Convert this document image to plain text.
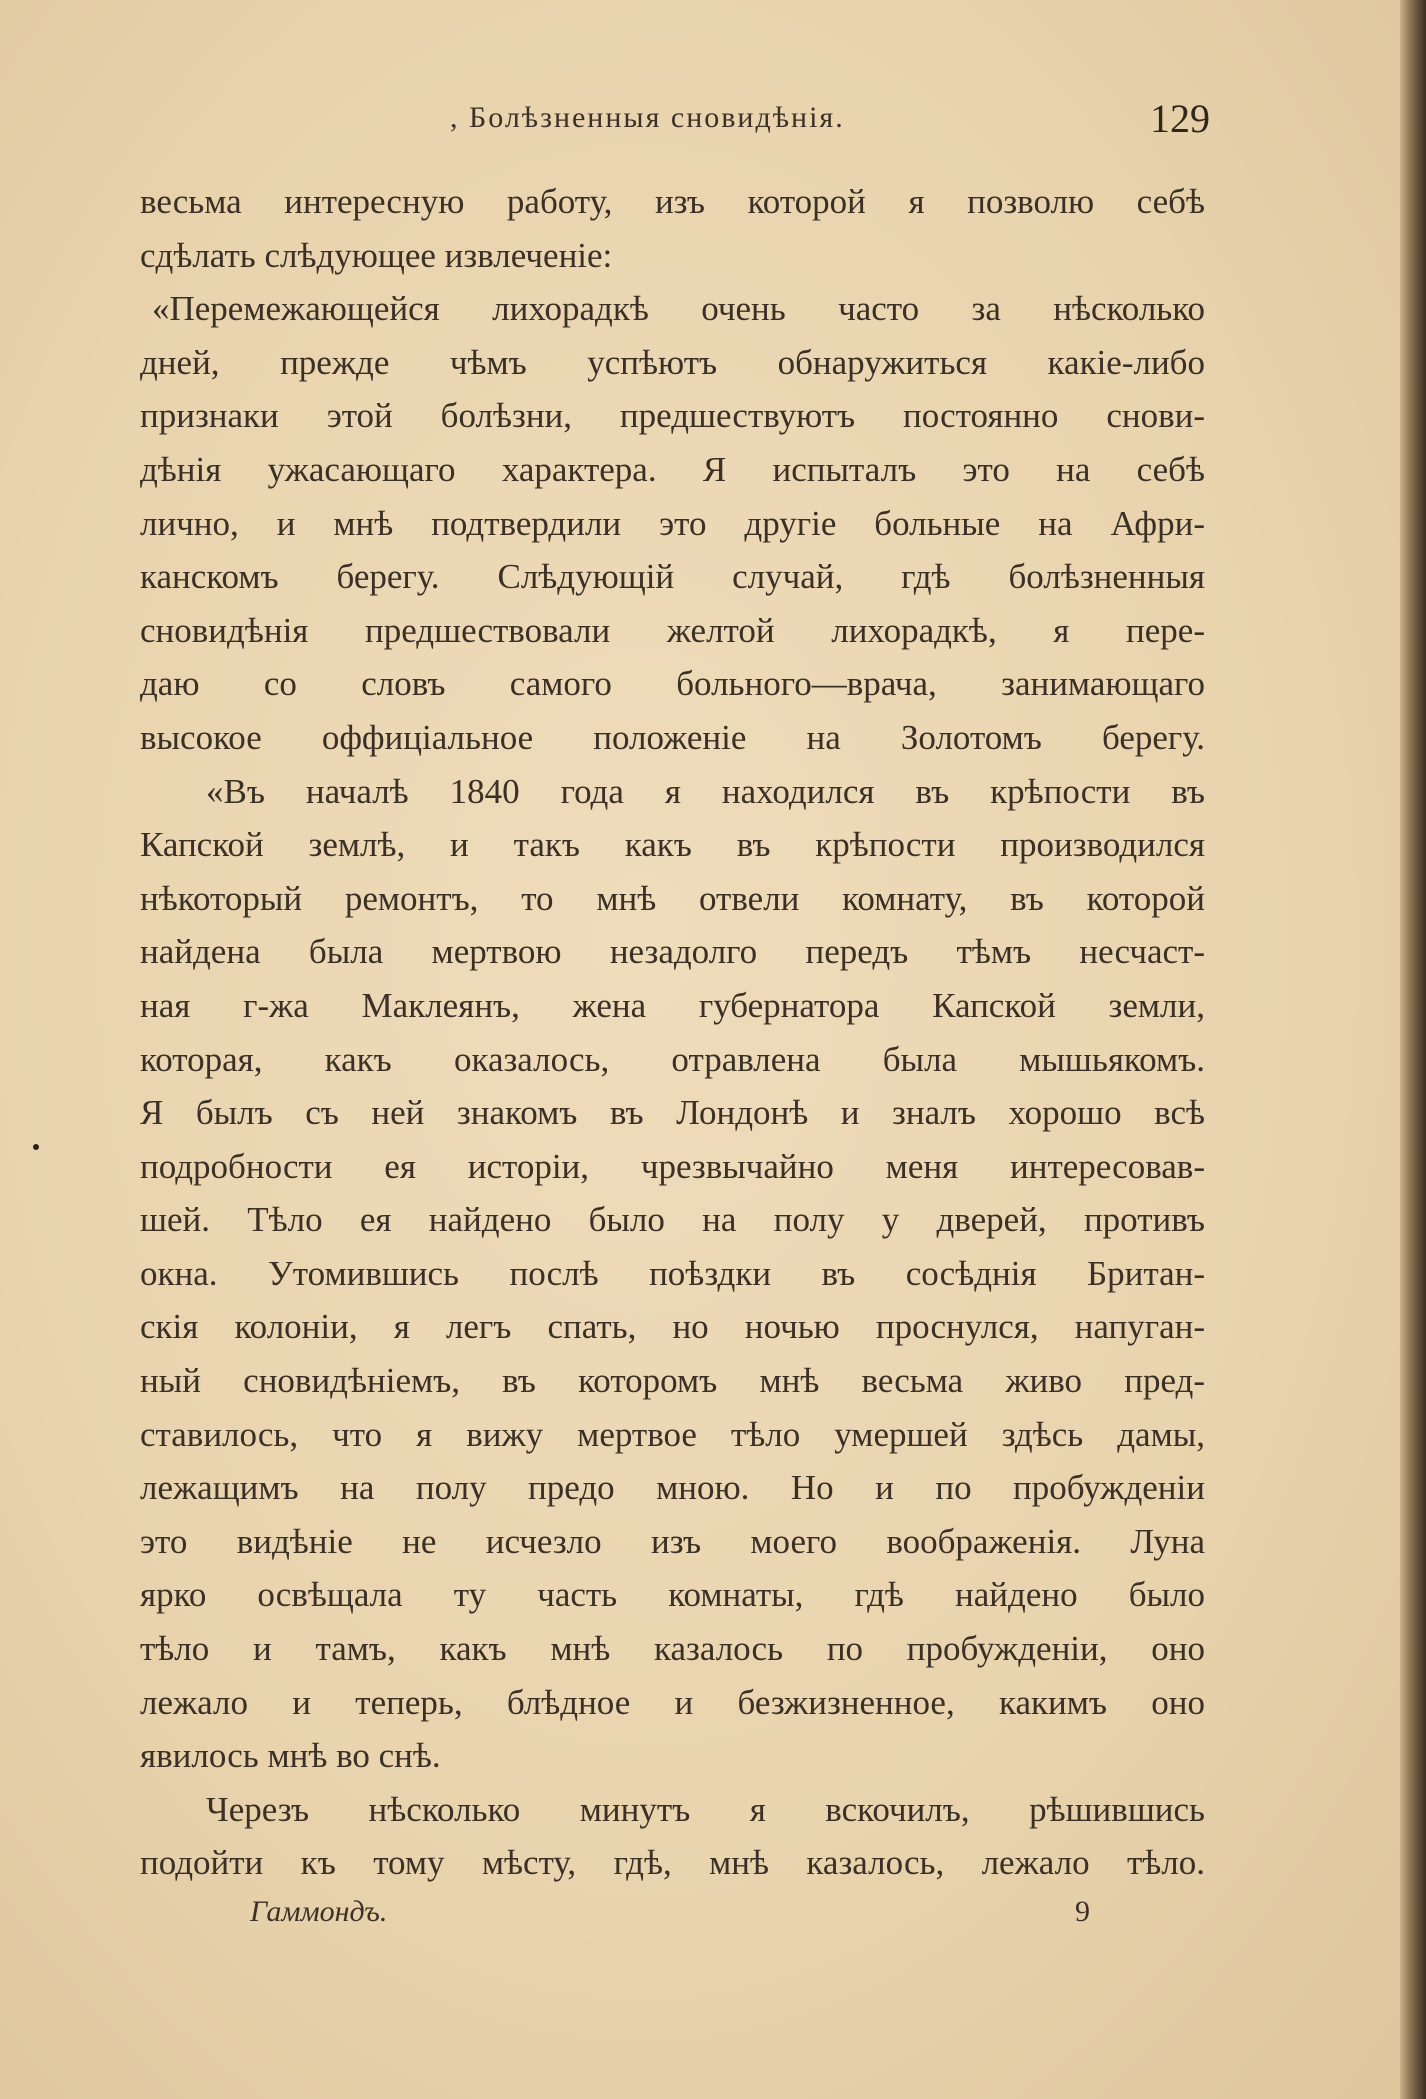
, Болѣзненныя сновидѣнія.	129
весьма интересную работу, изъ которой я позволю себѣ
сдѣлать слѣдующее извлеченіе:
«Перемежающейся лихорадкѣ очень часто за нѣсколько
дней, прежде чѣмъ успѣютъ обнаружиться какіе-либо
признаки этой болѣзни, предшествуютъ постоянно снови-
дѣнія ужасающаго характера. Я испыталъ это на себѣ
лично, и мнѣ подтвердили это другіе больные на Афри-
канскомъ берегу. Слѣдующій случай, гдѣ болѣзненныя
сновидѣнія предшествовали желтой лихорадкѣ, я пере-
даю со словъ самого больного—врача, занимающаго
высокое оффиціальное положеніе на Золотомъ берегу.
«Въ началѣ 1840 года я находился въ крѣпости въ
Капской землѣ, и такъ какъ въ крѣпости производился
нѣкоторый ремонтъ, то мнѣ отвели комнату, въ которой
найдена была мертвою незадолго передъ тѣмъ несчаст-
ная г-жа Маклеянъ, жена губернатора Капской земли,
которая, какъ оказалось, отравлена была мышьякомъ.
Я былъ съ ней знакомъ въ Лондонѣ и зналъ хорошо всѣ
подробности ея исторіи, чрезвычайно меня интересовав-
шей. Тѣло ея найдено было на полу у дверей, противъ
окна. Утомившись послѣ поѣздки въ сосѣднія Британ-
скія колоніи, я легъ спать, но ночью проснулся, напуган-
ный сновидѣніемъ, въ которомъ мнѣ весьма живо пред-
ставилось, что я вижу мертвое тѣло умершей здѣсь дамы,
лежащимъ на полу предо мною. Но и по пробужденіи
это видѣніе не исчезло изъ моего воображенія. Луна
ярко освѣщала ту часть комнаты, гдѣ найдено было
тѣло и тамъ, какъ мнѣ казалось по пробужденіи, оно
лежало и теперь, блѣдное и безжизненное, какимъ оно
явилось мнѣ во снѣ.
Черезъ нѣсколько минутъ я вскочилъ, рѣшившись
подойти къ тому мѣсту, гдѣ, мнѣ казалось, лежало тѣло.
Гаммондъ.	9
